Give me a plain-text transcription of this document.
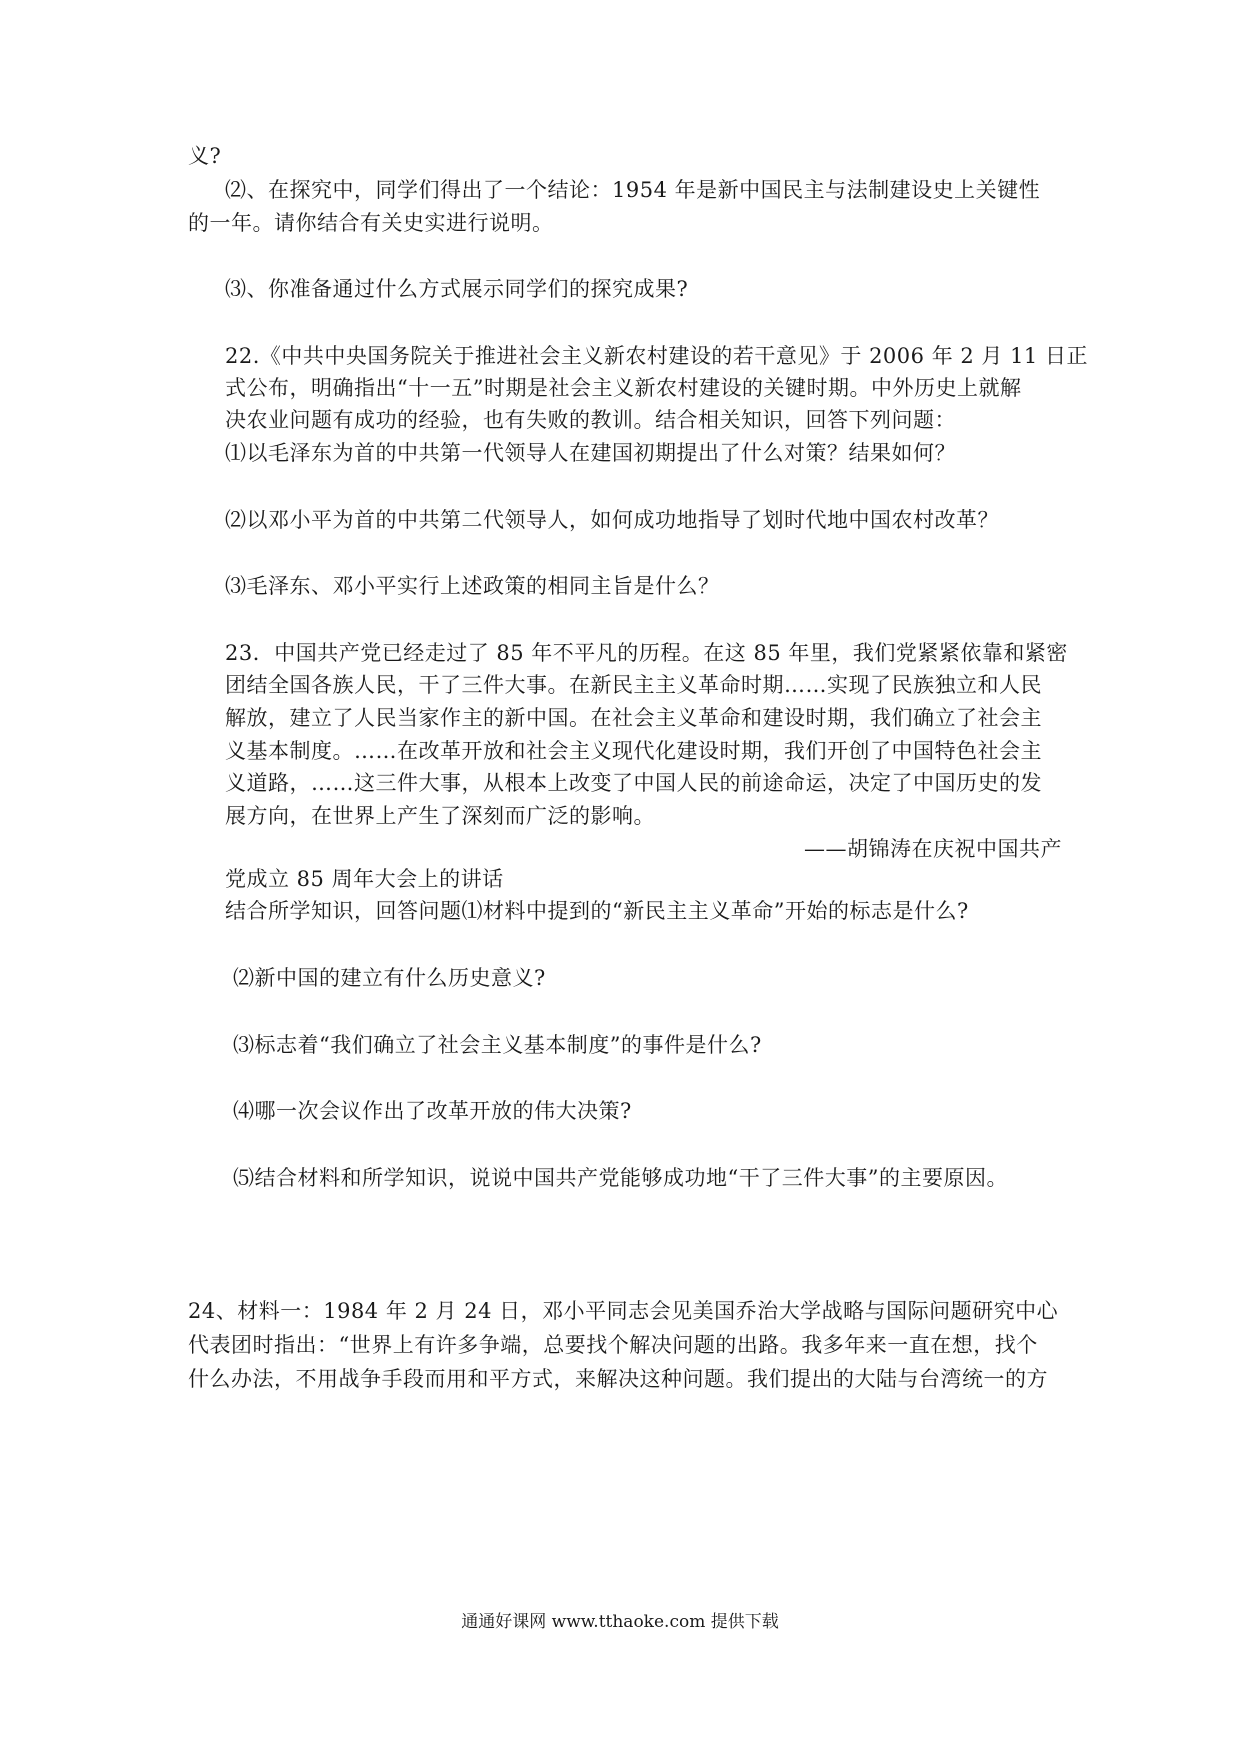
义?
⑵、在探究中，同学们得出了一个结论：1954 年是新中国民主与法制建设史上关键性
的一年。请你结合有关史实进行说明。
⑶、你准备通过什么方式展示同学们的探究成果?
22.《中共中央国务院关于推进社会主义新农村建设的若干意见》于 2006 年 2 月 11 日正
式公布，明确指出“十一五”时期是社会主义新农村建设的关键时期。中外历史上就解
决农业问题有成功的经验，也有失败的教训。结合相关知识，回答下列问题：
⑴以毛泽东为首的中共第一代领导人在建国初期提出了什么对策？结果如何？
⑵以邓小平为首的中共第二代领导人，如何成功地指导了划时代地中国农村改革？
⑶毛泽东、邓小平实行上述政策的相同主旨是什么？
23．中国共产党已经走过了 85 年不平凡的历程。在这 85 年里，我们党紧紧依靠和紧密
团结全国各族人民，干了三件大事。在新民主主义革命时期……实现了民族独立和人民
解放，建立了人民当家作主的新中国。在社会主义革命和建设时期，我们确立了社会主
义基本制度。……在改革开放和社会主义现代化建设时期，我们开创了中国特色社会主
义道路，……这三件大事，从根本上改变了中国人民的前途命运，决定了中国历史的发
展方向，在世界上产生了深刻而广泛的影响。
——胡锦涛在庆祝中国共产
党成立 85 周年大会上的讲话
结合所学知识，回答问题⑴材料中提到的“新民主主义革命”开始的标志是什么?
⑵新中国的建立有什么历史意义?
⑶标志着“我们确立了社会主义基本制度”的事件是什么?
⑷哪一次会议作出了改革开放的伟大决策?
⑸结合材料和所学知识，说说中国共产党能够成功地“干了三件大事”的主要原因。
24、材料一：1984 年 2 月 24 日，邓小平同志会见美国乔治大学战略与国际问题研究中心
代表团时指出：“世界上有许多争端，总要找个解决问题的出路。我多年来一直在想，找个
什么办法，不用战争手段而用和平方式，来解决这种问题。我们提出的大陆与台湾统一的方
通通好课网 www.tthaoke.com 提供下载
